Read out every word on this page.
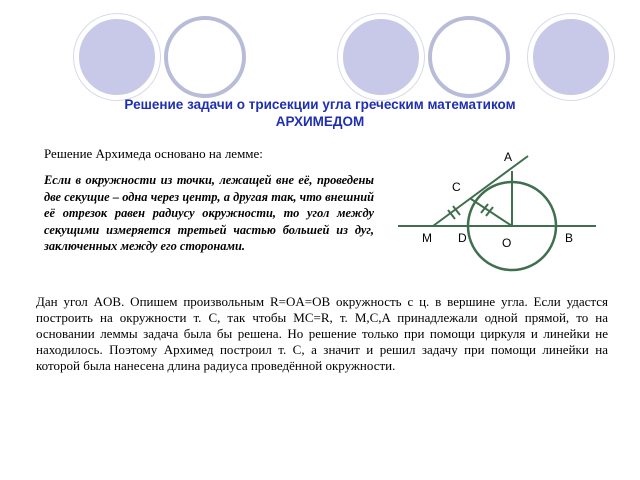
Решение задачи о трисекции угла греческим математиком
АРХИМЕДОМ
Решение Архимеда основано на лемме:
Если в окружности из точки, лежащей вне её, проведены две секущие – одна через центр, а другая так, что внешний её отрезок равен радиусу окружности, то угол между секущими измеряется третьей частью большей из дуг, заключенных между его сторонами.
A
C
M D	B
O
Дан угол AOB. Опишем произвольным R=OA=OB окружность с ц. в вершине угла. Если удастся построить на окружности т. С, так чтобы MC=R, т. M,C,A принадлежали одной прямой, то на основании леммы задача была бы решена. Но решение только при помощи циркуля и линейки не находилось. Поэтому Архимед построил т. С, а значит и решил задачу при помощи линейки на которой была нанесена длина радиуса проведённой окружности.
